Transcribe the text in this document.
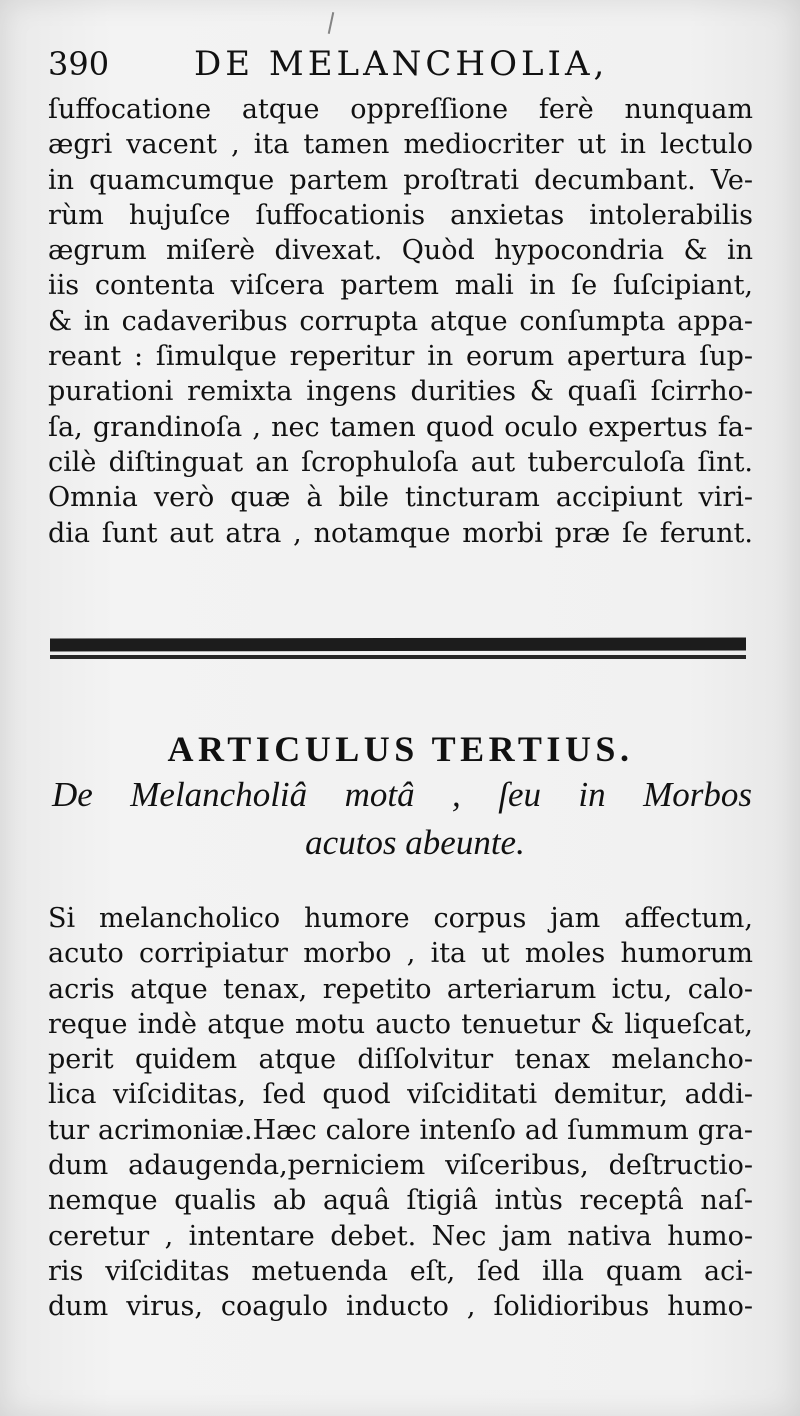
390 DE MELANCHOLIA,

ſuffocatione atque oppreſſione ferè nunquam
ægri vacent , ita tamen mediocriter ut in lectulo
in quamcumque partem proſtrati decumbant. Ve-
rùm hujuſce ſuffocationis anxietas intolerabilis
ægrum miſerè divexat. Quòd hypocondria & in
iis contenta viſcera partem mali in ſe ſuſcipiant,
& in cadaveribus corrupta atque conſumpta appa-
reant : ſimulque reperitur in eorum apertura ſup-
purationi remixta ingens durities & quaſi ſcirrho-
ſa, grandinoſa , nec tamen quod oculo expertus fa-
cilè diſtinguat an ſcrophuloſa aut tuberculoſa ſint.
Omnia verò quæ à bile tincturam accipiunt viri-
dia ſunt aut atra , notamque morbi præ ſe ferunt.

ARTICULUS TERTIUS.
De Melancholiâ motâ , ſeu in Morbos
acutos abeunte.

Si melancholico humore corpus jam affectum,
acuto corripiatur morbo , ita ut moles humorum
acris atque tenax, repetito arteriarum ictu, calo-
reque indè atque motu aucto tenuetur & liqueſcat,
perit quidem atque diſſolvitur tenax melancho-
lica viſciditas, ſed quod viſciditati demitur, addi-
tur acrimoniæ.Hæc calore intenſo ad ſummum gra-
dum adaugenda,perniciem viſceribus, deſtructio-
nemque qualis ab aquâ ſtigiâ intùs receptâ naſ-
ceretur , intentare debet. Nec jam nativa humo-
ris viſciditas metuenda eſt, ſed illa quam aci-
dum virus, coagulo inducto , ſolidioribus humo-
